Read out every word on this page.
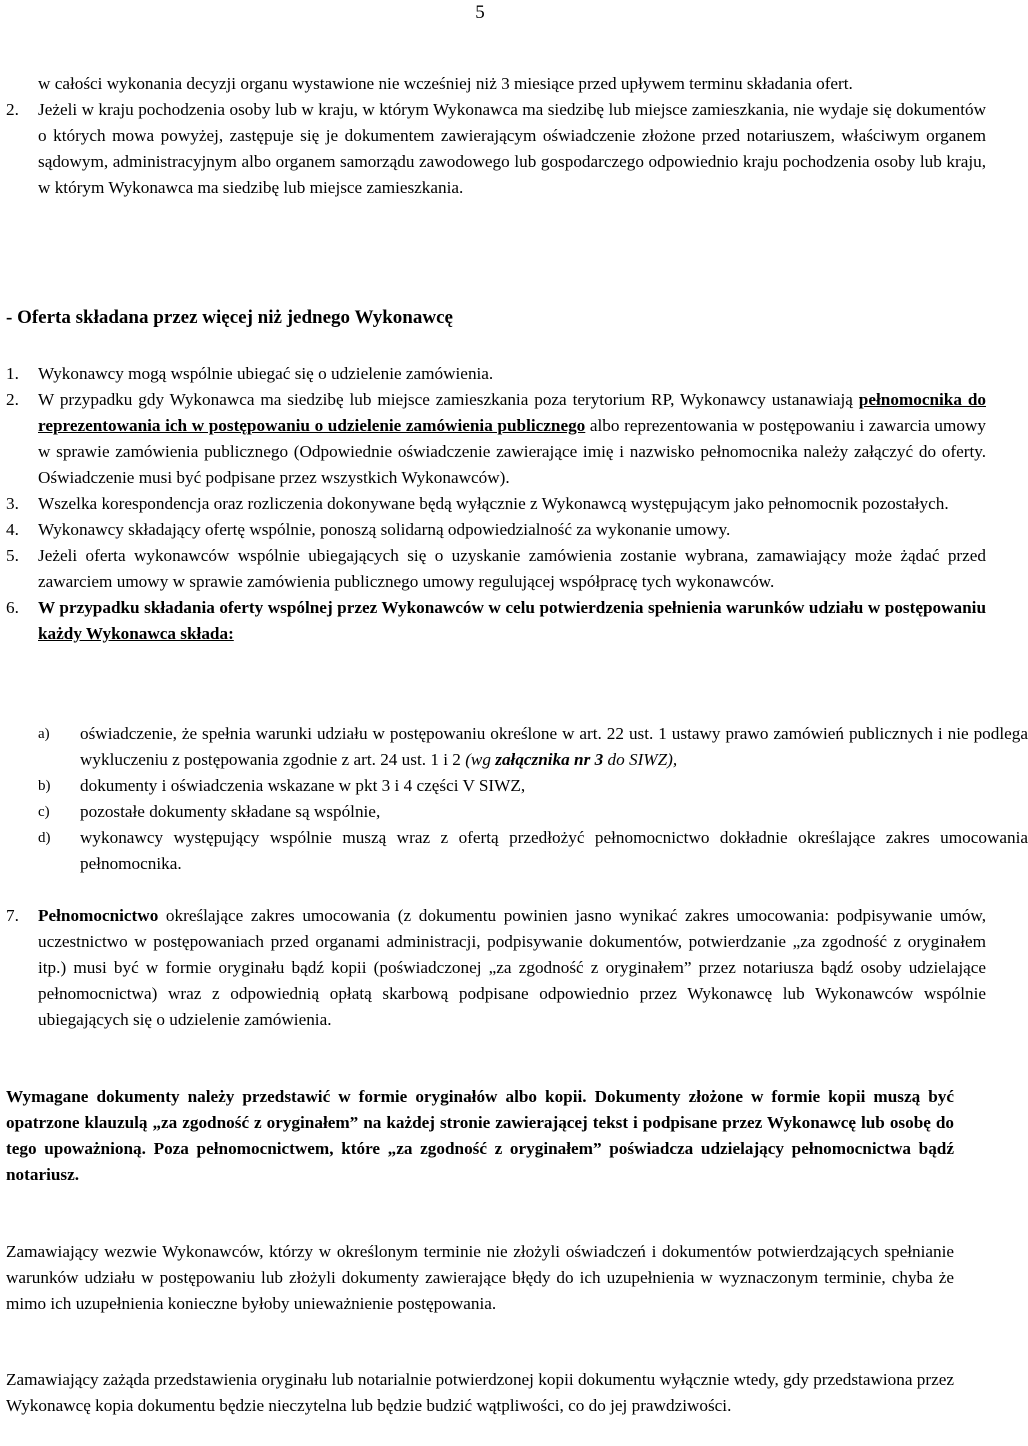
5

w całości wykonania decyzji organu wystawione nie wcześniej niż 3 miesiące przed upływem terminu składania ofert.

2. Jeżeli w kraju pochodzenia osoby lub w kraju, w którym Wykonawca ma siedzibę lub miejsce zamieszkania, nie wydaje się dokumentów o których mowa powyżej, zastępuje się je dokumentem zawierającym oświadczenie złożone przed notariuszem, właściwym organem sądowym, administracyjnym albo organem samorządu zawodowego lub gospodarczego odpowiednio kraju pochodzenia osoby lub kraju, w którym Wykonawca ma siedzibę lub miejsce zamieszkania.

- Oferta składana przez więcej niż jednego Wykonawcę
1. Wykonawcy mogą wspólnie ubiegać się o udzielenie zamówienia.

2. W przypadku gdy Wykonawca ma siedzibę lub miejsce zamieszkania poza terytorium RP, Wykonawcy ustanawiają pełnomocnika do reprezentowania ich w postępowaniu o udzielenie zamówienia publicznego albo reprezentowania w postępowaniu i zawarcia umowy w sprawie zamówienia publicznego (Odpowiednie oświadczenie zawierające imię i nazwisko pełnomocnika należy załączyć do oferty. Oświadczenie musi być podpisane przez wszystkich Wykonawców).

3. Wszelka korespondencja oraz rozliczenia dokonywane będą wyłącznie z Wykonawcą występującym jako pełnomocnik pozostałych.

4. Wykonawcy składający ofertę wspólnie, ponoszą solidarną odpowiedzialność za wykonanie umowy.

5. Jeżeli oferta wykonawców wspólnie ubiegających się o uzyskanie zamówienia zostanie wybrana, zamawiający może żądać przed zawarciem umowy w sprawie zamówienia publicznego umowy regulującej współpracę tych wykonawców.

6. W przypadku składania oferty wspólnej przez Wykonawców w celu potwierdzenia spełnienia warunków udziału w postępowaniu każdy Wykonawca składa:

a) oświadczenie, że spełnia warunki udziału w postępowaniu określone w art. 22 ust. 1 ustawy prawo zamówień publicznych i nie podlega wykluczeniu z postępowania zgodnie z art. 24 ust. 1 i 2 (wg załącznika nr 3 do SIWZ),

b) dokumenty i oświadczenia wskazane w pkt 3 i 4 części V SIWZ,

c) pozostałe dokumenty składane są wspólnie,

d) wykonawcy występujący wspólnie muszą wraz z ofertą przedłożyć pełnomocnictwo dokładnie określające zakres umocowania pełnomocnika.

7. Pełnomocnictwo określające zakres umocowania (z dokumentu powinien jasno wynikać zakres umocowania: podpisywanie umów, uczestnictwo w postępowaniach przed organami administracji, podpisywanie dokumentów, potwierdzanie „za zgodność z oryginałem itp.) musi być w formie oryginału bądź kopii (poświadczonej „za zgodność z oryginałem” przez notariusza bądź osoby udzielające pełnomocnictwa) wraz z odpowiednią opłatą skarbową podpisane odpowiednio przez Wykonawcę lub Wykonawców wspólnie ubiegających się o udzielenie zamówienia.

Wymagane dokumenty należy przedstawić w formie oryginałów albo kopii. Dokumenty złożone w formie kopii muszą być opatrzone klauzulą „za zgodność z oryginałem” na każdej stronie zawierającej tekst i podpisane przez Wykonawcę lub osobę do tego upoważnioną. Poza pełnomocnictwem, które „za zgodność z oryginałem” poświadcza udzielający pełnomocnictwa bądź notariusz.

Zamawiający wezwie Wykonawców, którzy w określonym terminie nie złożyli oświadczeń i dokumentów potwierdzających spełnianie warunków udziału w postępowaniu lub złożyli dokumenty zawierające błędy do ich uzupełnienia w wyznaczonym terminie, chyba że mimo ich uzupełnienia konieczne byłoby unieważnienie postępowania.

Zamawiający zażąda przedstawienia oryginału lub notarialnie potwierdzonej kopii dokumentu wyłącznie wtedy, gdy przedstawiona przez Wykonawcę kopia dokumentu będzie nieczytelna lub będzie budzić wątpliwości, co do jej prawdziwości.
